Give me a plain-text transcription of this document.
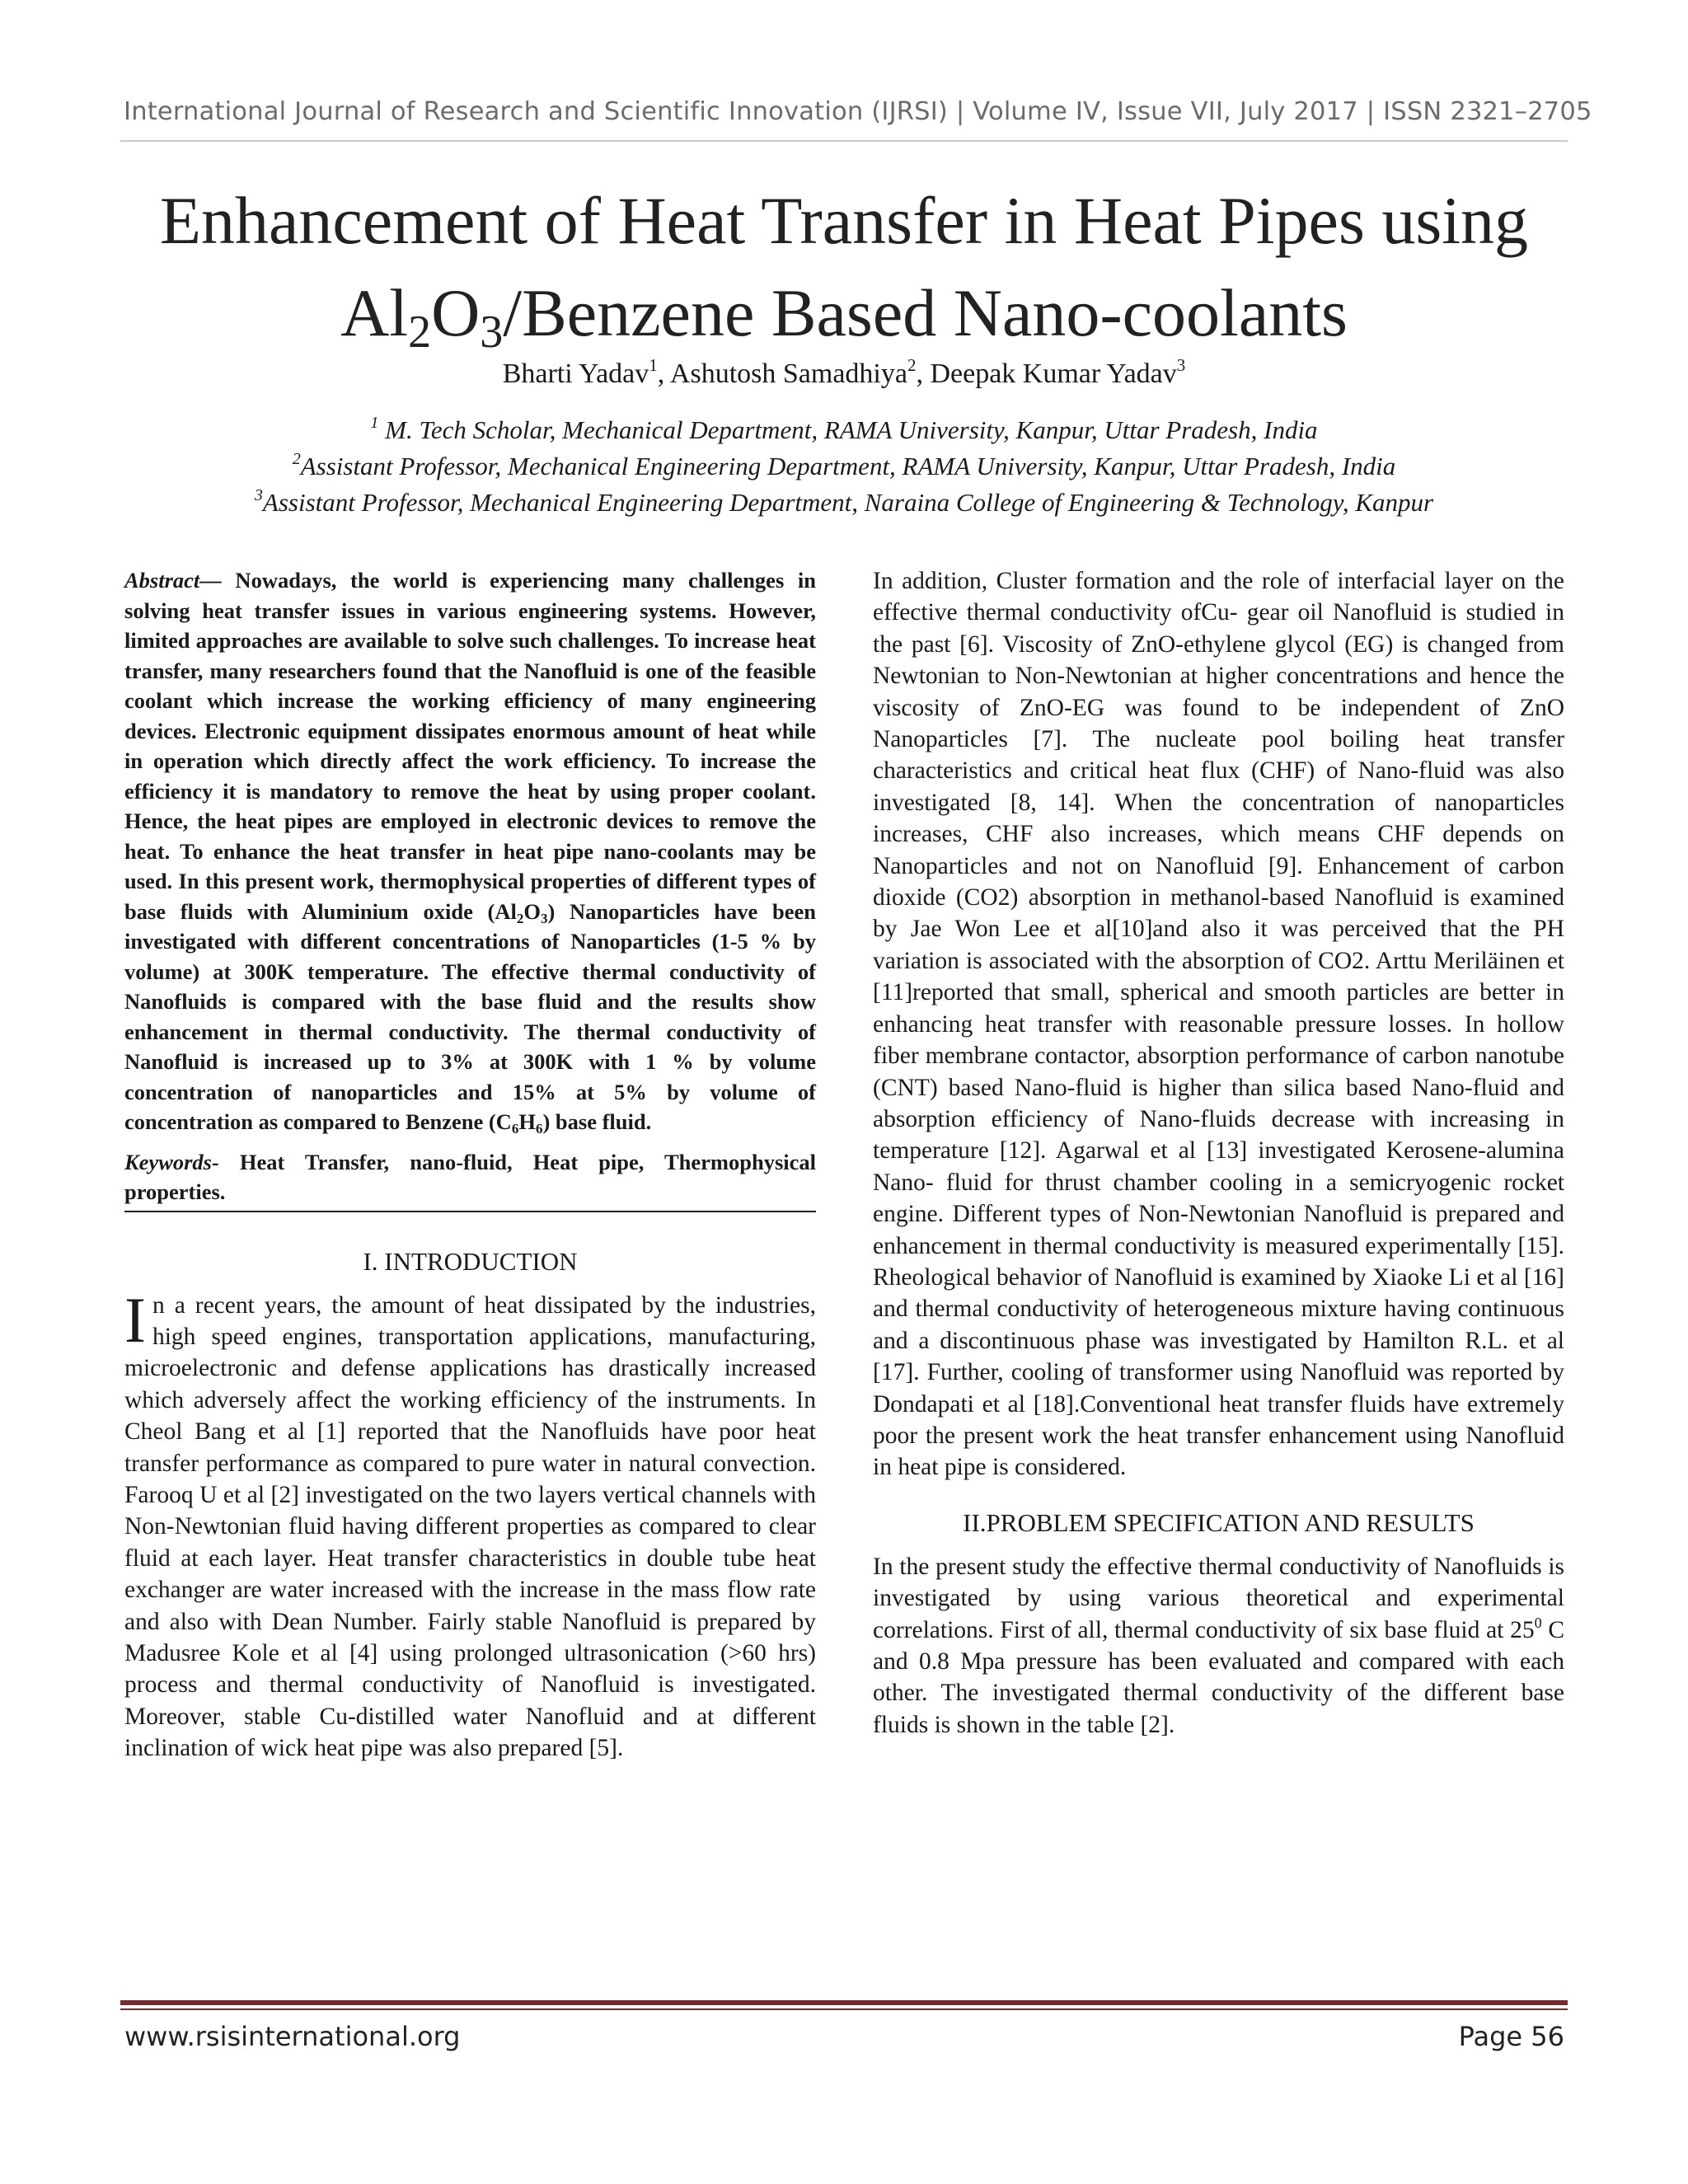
International Journal of Research and Scientific Innovation (IJRSI) | Volume IV, Issue VII, July 2017 | ISSN 2321–2705
Enhancement of Heat Transfer in Heat Pipes using
$Al_2O_3$/Benzene Based Nano-coolants
Bharti Yadav$^1$, Ashutosh Samadhiya$^2$, Deepak Kumar Yadav$^3$
$^1$ M. Tech Scholar, Mechanical Department, RAMA University, Kanpur, Uttar Pradesh, India
$^2$Assistant Professor, Mechanical Engineering Department, RAMA University, Kanpur, Uttar Pradesh, India
$^3$Assistant Professor, Mechanical Engineering Department, Naraina College of Engineering & Technology, Kanpur
Abstract— Nowadays, the world is experiencing many challenges in solving heat transfer issues in various engineering systems. However, limited approaches are available to solve such challenges. To increase heat transfer, many researchers found that the Nanofluid is one of the feasible coolant which increase the working efficiency of many engineering devices. Electronic equipment dissipates enormous amount of heat while in operation which directly affect the work efficiency. To increase the efficiency it is mandatory to remove the heat by using proper coolant. Hence, the heat pipes are employed in electronic devices to remove the heat. To enhance the heat transfer in heat pipe nano-coolants may be used. In this present work, thermophysical properties of different types of base fluids with Aluminium oxide $(Al_2O_3)$ Nanoparticles have been investigated with different concentrations of Nanoparticles (1-5 % by volume) at 300K temperature. The effective thermal conductivity of Nanofluids is compared with the base fluid and the results show enhancement in thermal conductivity. The thermal conductivity of Nanofluid is increased up to 3% at 300K with 1 % by volume concentration of nanoparticles and 15% at 5% by volume of concentration as compared to Benzene $(C_6H_6)$ base fluid.
Keywords- Heat Transfer, nano-fluid, Heat pipe, Thermophysical properties.
I. INTRODUCTION
In a recent years, the amount of heat dissipated by the industries, high speed engines, transportation applications, manufacturing, microelectronic and defense applications has drastically increased which adversely affect the working efficiency of the instruments. In Cheol Bang et al [1] reported that the Nanofluids have poor heat transfer performance as compared to pure water in natural convection. Farooq U et al [2] investigated on the two layers vertical channels with Non-Newtonian fluid having different properties as compared to clear fluid at each layer. Heat transfer characteristics in double tube heat exchanger are water increased with the increase in the mass flow rate and also with Dean Number. Fairly stable Nanofluid is prepared by Madusree Kole et al [4] using prolonged ultrasonication (>60 hrs) process and thermal conductivity of Nanofluid is investigated. Moreover, stable Cu-distilled water Nanofluid and at different inclination of wick heat pipe was also prepared [5].
In addition, Cluster formation and the role of interfacial layer on the effective thermal conductivity ofCu- gear oil Nanofluid is studied in the past [6]. Viscosity of ZnO-ethylene glycol (EG) is changed from Newtonian to Non-Newtonian at higher concentrations and hence the viscosity of ZnO-EG was found to be independent of ZnO Nanoparticles [7]. The nucleate pool boiling heat transfer characteristics and critical heat flux (CHF) of Nano-fluid was also investigated [8, 14]. When the concentration of nanoparticles increases, CHF also increases, which means CHF depends on Nanoparticles and not on Nanofluid [9]. Enhancement of carbon dioxide (CO2) absorption in methanol-based Nanofluid is examined by Jae Won Lee et al[10]and also it was perceived that the PH variation is associated with the absorption of CO2. Arttu Meriläinen et [11]reported that small, spherical and smooth particles are better in enhancing heat transfer with reasonable pressure losses. In hollow fiber membrane contactor, absorption performance of carbon nanotube (CNT) based Nano-fluid is higher than silica based Nano-fluid and absorption efficiency of Nano-fluids decrease with increasing in temperature [12]. Agarwal et al [13] investigated Kerosene-alumina Nano- fluid for thrust chamber cooling in a semicryogenic rocket engine. Different types of Non-Newtonian Nanofluid is prepared and enhancement in thermal conductivity is measured experimentally [15]. Rheological behavior of Nanofluid is examined by Xiaoke Li et al [16] and thermal conductivity of heterogeneous mixture having continuous and a discontinuous phase was investigated by Hamilton R.L. et al [17]. Further, cooling of transformer using Nanofluid was reported by Dondapati et al [18].Conventional heat transfer fluids have extremely poor the present work the heat transfer enhancement using Nanofluid in heat pipe is considered.
II.PROBLEM SPECIFICATION AND RESULTS
In the present study the effective thermal conductivity of Nanofluids is investigated by using various theoretical and experimental correlations. First of all, thermal conductivity of six base fluid at $25^0$ C and 0.8 Mpa pressure has been evaluated and compared with each other. The investigated thermal conductivity of the different base fluids is shown in the table [2].
www.rsisinternational.org	Page 56
